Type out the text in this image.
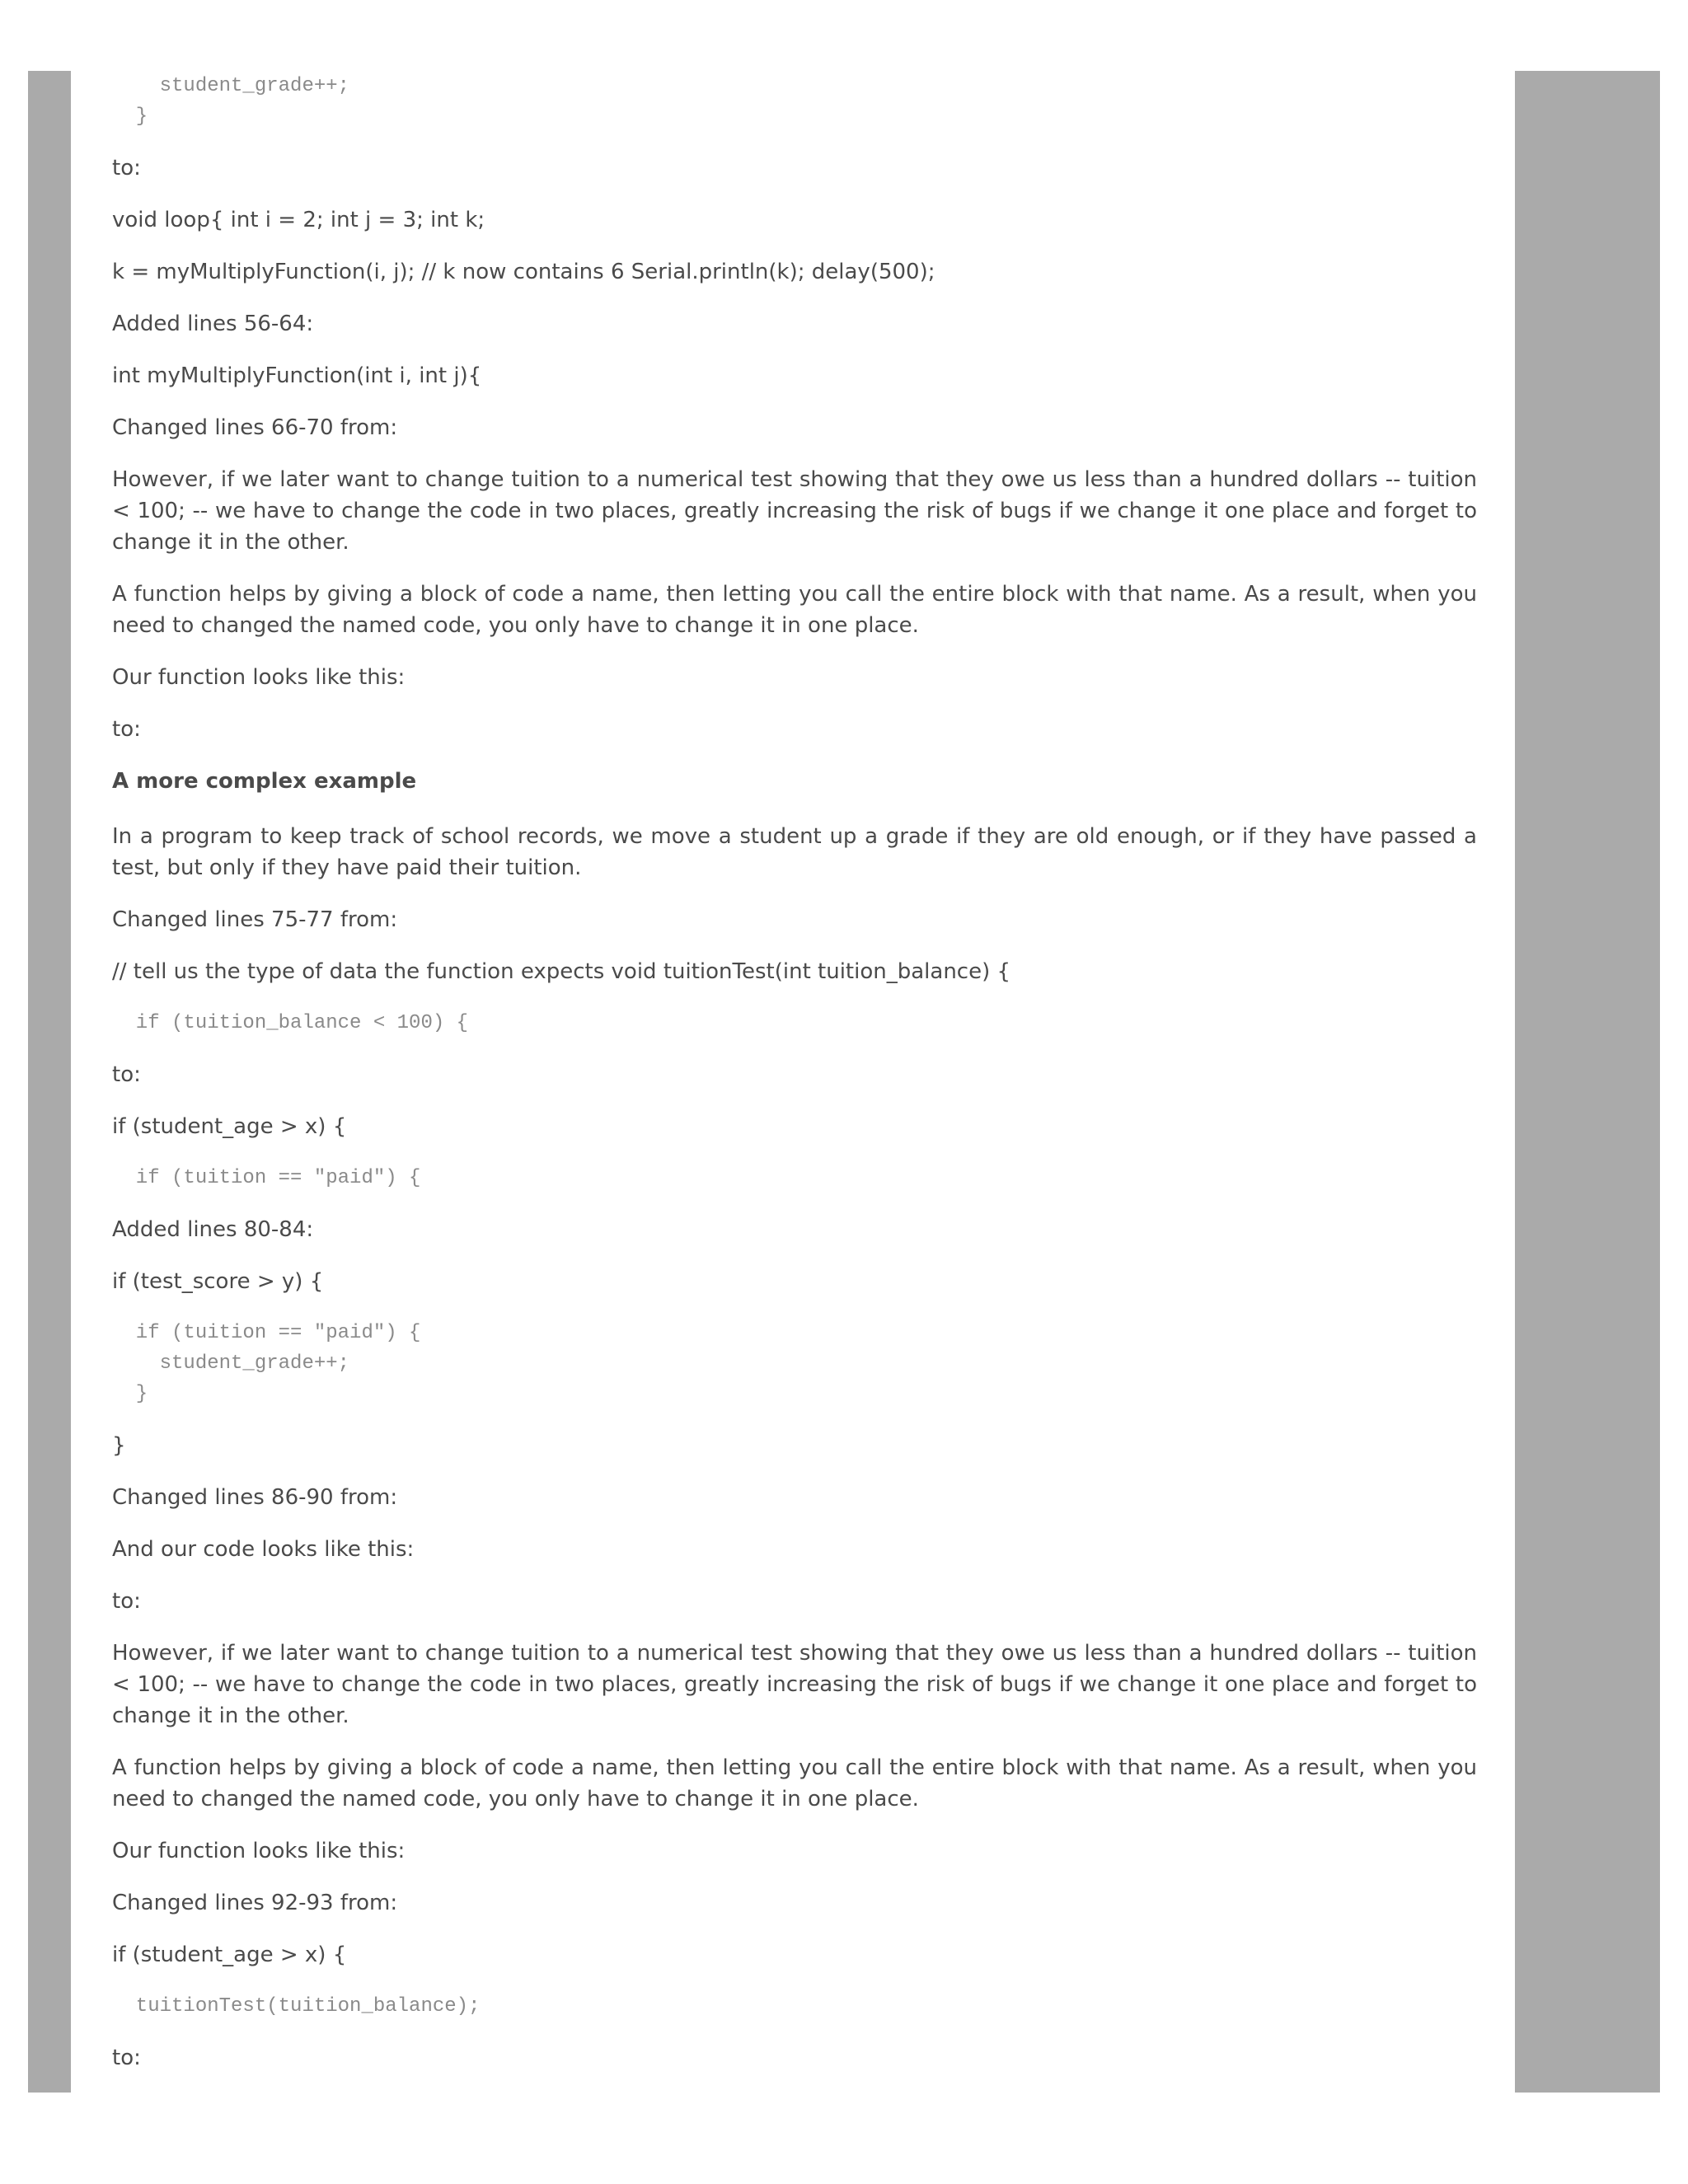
student_grade++;
}

to:

void loop{ int i = 2; int j = 3; int k;

k = myMultiplyFunction(i, j); // k now contains 6 Serial.println(k); delay(500);

Added lines 56-64:

int myMultiplyFunction(int i, int j){

Changed lines 66-70 from:

However, if we later want to change tuition to a numerical test showing that they owe us less than a hundred dollars -- tuition < 100; -- we have to change the code in two places, greatly increasing the risk of bugs if we change it one place and forget to change it in the other.

A function helps by giving a block of code a name, then letting you call the entire block with that name. As a result, when you need to changed the named code, you only have to change it in one place.

Our function looks like this:

to:

A more complex example

In a program to keep track of school records, we move a student up a grade if they are old enough, or if they have passed a test, but only if they have paid their tuition.

Changed lines 75-77 from:

// tell us the type of data the function expects void tuitionTest(int tuition_balance) {

if (tuition_balance < 100) {

to:

if (student_age > x) {

if (tuition == "paid") {

Added lines 80-84:

if (test_score > y) {

if (tuition == "paid") {
student_grade++;
}

}

Changed lines 86-90 from:

And our code looks like this:

to:

However, if we later want to change tuition to a numerical test showing that they owe us less than a hundred dollars -- tuition < 100; -- we have to change the code in two places, greatly increasing the risk of bugs if we change it one place and forget to change it in the other.

A function helps by giving a block of code a name, then letting you call the entire block with that name. As a result, when you need to changed the named code, you only have to change it in one place.

Our function looks like this:

Changed lines 92-93 from:

if (student_age > x) {

tuitionTest(tuition_balance);

to:
